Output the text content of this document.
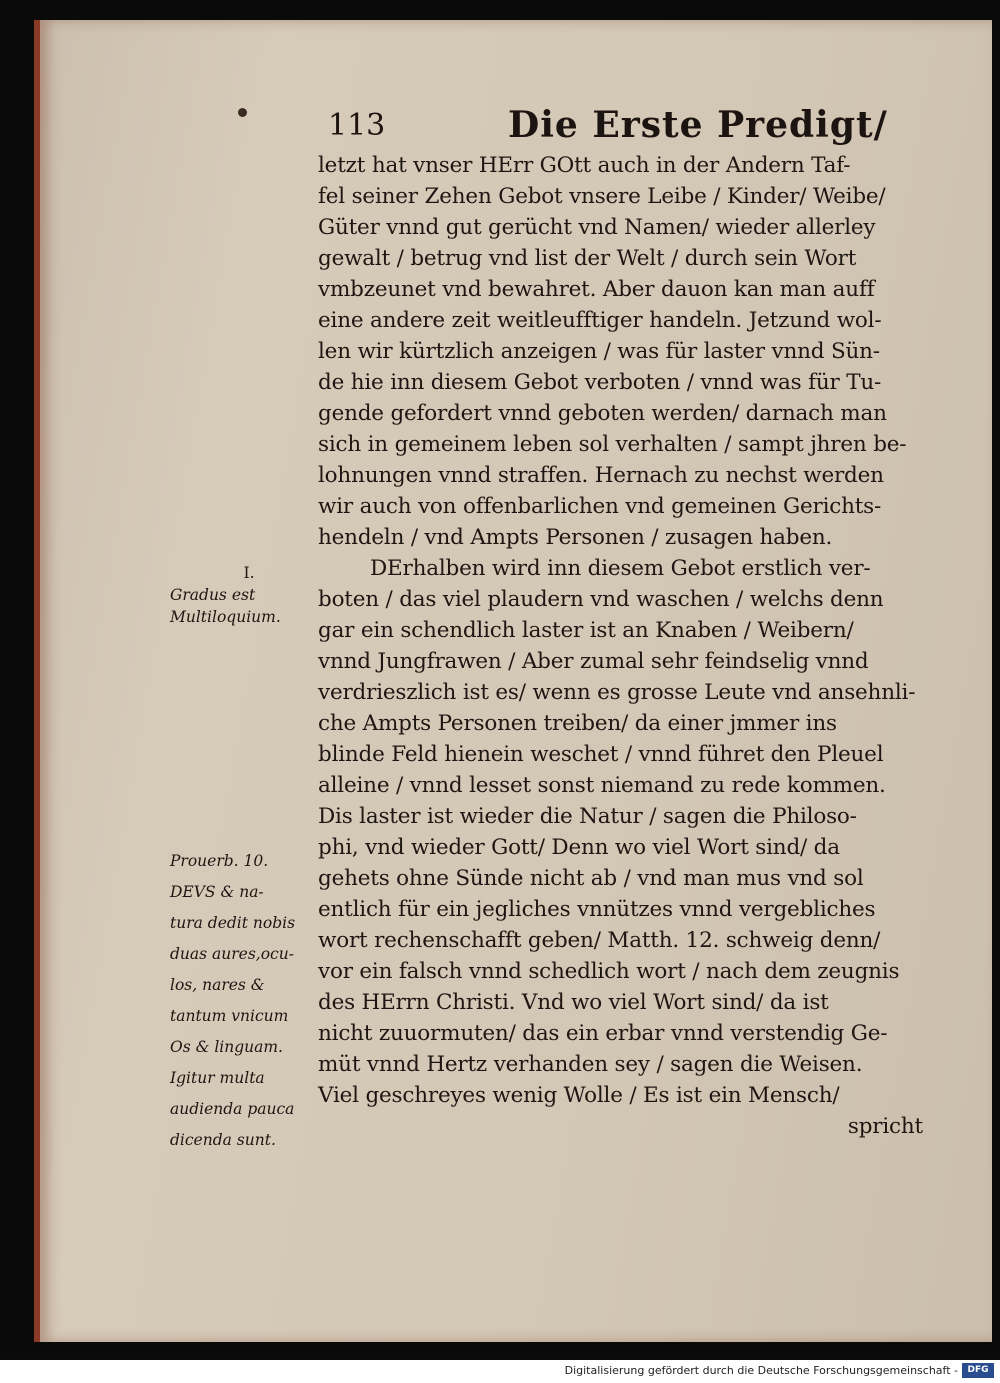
113	Die Erste Predigt/
letzt hat vnser HErr GOtt auch in der Andern Taf-
fel seiner Zehen Gebot vnsere Leibe / Kinder/ Weibe/
Güter vnnd gut gerücht vnd Namen/ wieder allerley
gewalt / betrug vnd list der Welt / durch sein Wort
vmbzeunet vnd bewahret. Aber dauon kan man auff
eine andere zeit weitleufftiger handeln. Jetzund wol-
len wir kürtzlich anzeigen / was für laster vnnd Sün-
de hie inn diesem Gebot verboten / vnnd was für Tu-
gende gefordert vnnd geboten werden/ darnach man
sich in gemeinem leben sol verhalten / sampt jhren be-
lohnungen vnnd straffen. Hernach zu nechst werden
wir auch von offenbarlichen vnd gemeinen Gerichts-
hendeln / vnd Ampts Personen / zusagen haben.
DErhalben wird inn diesem Gebot erstlich ver-
boten / das viel plaudern vnd waschen / welchs denn
gar ein schendlich laster ist an Knaben / Weibern/
vnnd Jungfrawen / Aber zumal sehr feindselig vnnd
verdrieszlich ist es/ wenn es grosse Leute vnd ansehnli-
che Ampts Personen treiben/ da einer jmmer ins
blinde Feld hienein weschet / vnnd führet den Pleuel
alleine / vnnd lesset sonst niemand zu rede kommen.
Dis laster ist wieder die Natur / sagen die Philoso-
phi, vnd wieder Gott/ Denn wo viel Wort sind/ da
gehets ohne Sünde nicht ab / vnd man mus vnd sol
entlich für ein jegliches vnnützes vnnd vergebliches
wort rechenschafft geben/ Matth. 12. schweig denn/
vor ein falsch vnnd schedlich wort / nach dem zeugnis
des HErrn Christi. Vnd wo viel Wort sind/ da ist
nicht zuuormuten/ das ein erbar vnnd verstendig Ge-
müt vnnd Hertz verhanden sey / sagen die Weisen.
Viel geschreyes wenig Wolle / Es ist ein Mensch/
spricht
I.
Gradus est
Multiloquium.
Prouerb. 10.
DEVS & na-
tura dedit nobis
duas aures,ocu-
los, nares &
tantum vnicum
Os & linguam.
Igitur multa
audienda pauca
dicenda sunt.
Digitalisierung gefördert durch die Deutsche Forschungsgemeinschaft -	DFG
